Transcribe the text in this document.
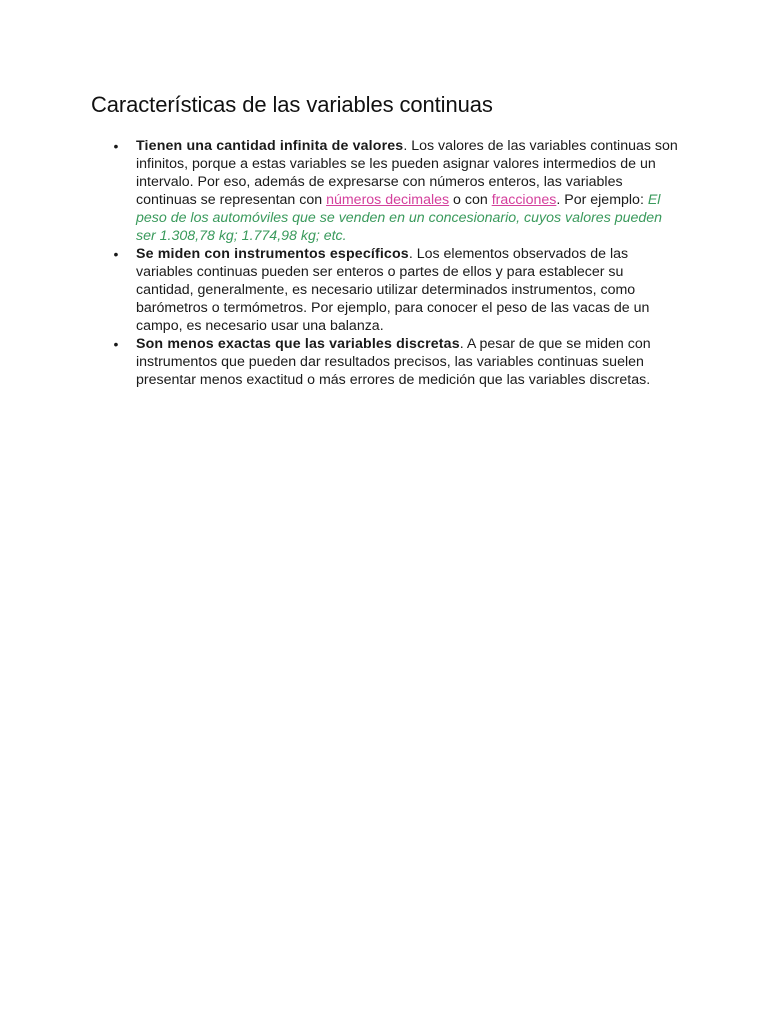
Características de las variables continuas
• Tienen una cantidad infinita de valores. Los valores de las variables continuas son infinitos, porque a estas variables se les pueden asignar valores intermedios de un intervalo. Por eso, además de expresarse con números enteros, las variables continuas se representan con números decimales o con fracciones. Por ejemplo: El peso de los automóviles que se venden en un concesionario, cuyos valores pueden ser 1.308,78 kg; 1.774,98 kg; etc.
• Se miden con instrumentos específicos. Los elementos observados de las variables continuas pueden ser enteros o partes de ellos y para establecer su cantidad, generalmente, es necesario utilizar determinados instrumentos, como barómetros o termómetros. Por ejemplo, para conocer el peso de las vacas de un campo, es necesario usar una balanza.
• Son menos exactas que las variables discretas. A pesar de que se miden con instrumentos que pueden dar resultados precisos, las variables continuas suelen presentar menos exactitud o más errores de medición que las variables discretas.
